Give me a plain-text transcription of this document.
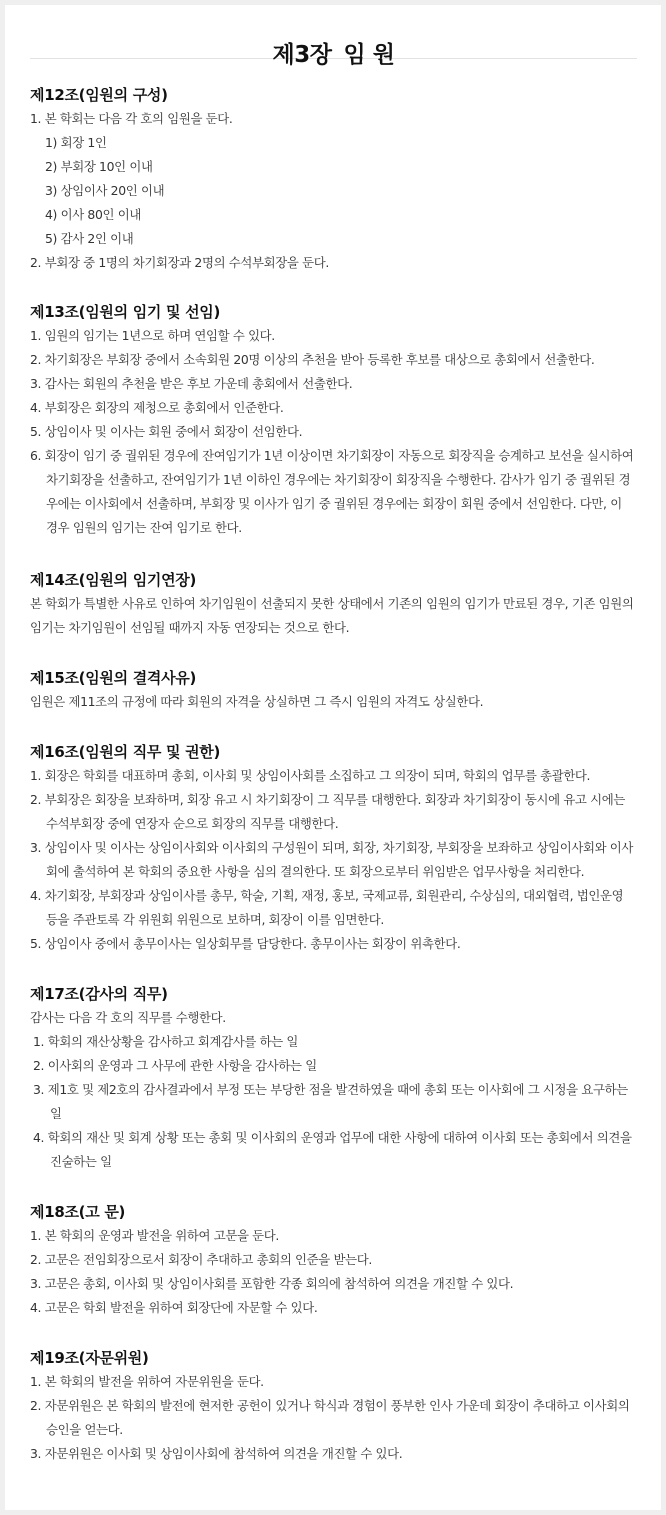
제3장 임 원
제12조(임원의 구성)
1. 본 학회는 다음 각 호의 임원을 둔다.
1) 회장 1인
2) 부회장 10인 이내
3) 상임이사 20인 이내
4) 이사 80인 이내
5) 감사 2인 이내
2. 부회장 중 1명의 차기회장과 2명의 수석부회장을 둔다.
제13조(임원의 임기 및 선임)
1. 임원의 임기는 1년으로 하며 연임할 수 있다.
2. 차기회장은 부회장 중에서 소속회원 20명 이상의 추천을 받아 등록한 후보를 대상으로 총회에서 선출한다.
3. 감사는 회원의 추천을 받은 후보 가운데 총회에서 선출한다.
4. 부회장은 회장의 제청으로 총회에서 인준한다.
5. 상임이사 및 이사는 회원 중에서 회장이 선임한다.
6. 회장이 임기 중 궐위된 경우에 잔여임기가 1년 이상이면 차기회장이 자동으로 회장직을 승계하고 보선을 실시하여 차기회장을 선출하고, 잔여임기가 1년 이하인 경우에는 차기회장이 회장직을 수행한다. 감사가 임기 중 궐위된 경우에는 이사회에서 선출하며, 부회장 및 이사가 임기 중 궐위된 경우에는 회장이 회원 중에서 선임한다. 다만, 이 경우 임원의 임기는 잔여 임기로 한다.
제14조(임원의 임기연장)
본 학회가 특별한 사유로 인하여 차기임원이 선출되지 못한 상태에서 기존의 임원의 임기가 만료된 경우, 기존 임원의 임기는 차기임원이 선임될 때까지 자동 연장되는 것으로 한다.
제15조(임원의 결격사유)
임원은 제11조의 규정에 따라 회원의 자격을 상실하면 그 즉시 임원의 자격도 상실한다.
제16조(임원의 직무 및 권한)
1. 회장은 학회를 대표하며 총회, 이사회 및 상임이사회를 소집하고 그 의장이 되며, 학회의 업무를 총괄한다.
2. 부회장은 회장을 보좌하며, 회장 유고 시 차기회장이 그 직무를 대행한다. 회장과 차기회장이 동시에 유고 시에는 수석부회장 중에 연장자 순으로 회장의 직무를 대행한다.
3. 상임이사 및 이사는 상임이사회와 이사회의 구성원이 되며, 회장, 차기회장, 부회장을 보좌하고 상임이사회와 이사회에 출석하여 본 학회의 중요한 사항을 심의 결의한다. 또 회장으로부터 위임받은 업무사항을 처리한다.
4. 차기회장, 부회장과 상임이사를 총무, 학술, 기획, 재정, 홍보, 국제교류, 회원관리, 수상심의, 대외협력, 법인운영 등을 주관토록 각 위원회 위원으로 보하며, 회장이 이를 임면한다.
5. 상임이사 중에서 총무이사는 일상회무를 담당한다. 총무이사는 회장이 위촉한다.
제17조(감사의 직무)
감사는 다음 각 호의 직무를 수행한다.
1. 학회의 재산상황을 감사하고 회계감사를 하는 일
2. 이사회의 운영과 그 사무에 관한 사항을 감사하는 일
3. 제1호 및 제2호의 감사결과에서 부정 또는 부당한 점을 발견하였을 때에 총회 또는 이사회에 그 시정을 요구하는 일
4. 학회의 재산 및 회계 상황 또는 총회 및 이사회의 운영과 업무에 대한 사항에 대하여 이사회 또는 총회에서 의견을 진술하는 일
제18조(고 문)
1. 본 학회의 운영과 발전을 위하여 고문을 둔다.
2. 고문은 전임회장으로서 회장이 추대하고 총회의 인준을 받는다.
3. 고문은 총회, 이사회 및 상임이사회를 포함한 각종 회의에 참석하여 의견을 개진할 수 있다.
4. 고문은 학회 발전을 위하여 회장단에 자문할 수 있다.
제19조(자문위원)
1. 본 학회의 발전을 위하여 자문위원을 둔다.
2. 자문위원은 본 학회의 발전에 현저한 공헌이 있거나 학식과 경험이 풍부한 인사 가운데 회장이 추대하고 이사회의 승인을 얻는다.
3. 자문위원은 이사회 및 상임이사회에 참석하여 의견을 개진할 수 있다.
